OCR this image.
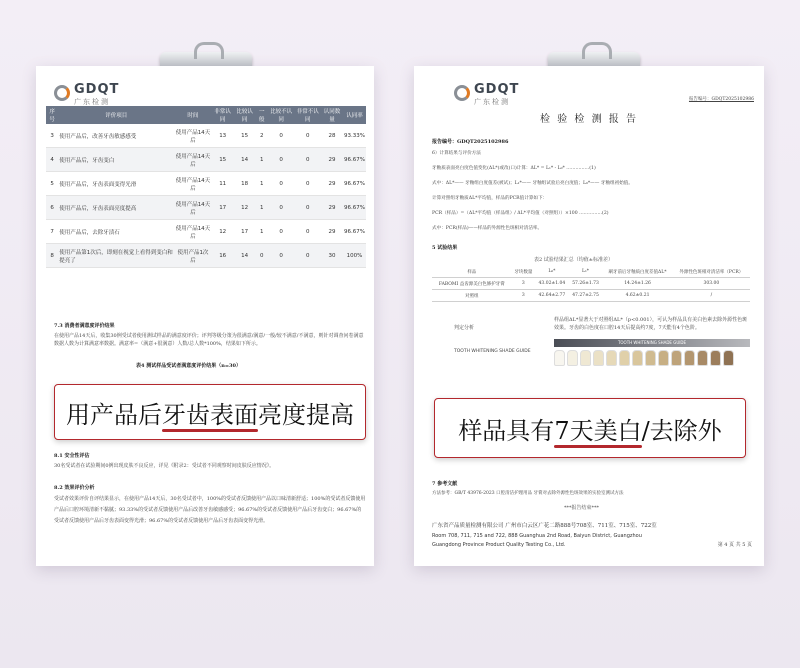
GDQT
广东检测
序号	评价项目	时间	非常认同	比较认同	一般	比较不认同	非常不认同	认同数量	认同率
3	使用产品后，改善牙齿敏感感受	使用产品14天后	13	15	2	0	0	28	93.33%
4	使用产品后，牙齿变白	使用产品14天后	15	14	1	0	0	29	96.67%
5	使用产品后，牙齿表面变得光滑	使用产品14天后	11	18	1	0	0	29	96.67%
6	使用产品后，牙齿表面亮度提高	使用产品14天后	17	12	1	0	0	29	96.67%
7	使用产品后，去除牙渍石	使用产品14天后	12	17	1	0	0	29	96.67%
8	使用产品第1次后，即刻在视觉上看得到变白和提亮了	使用产品1次后	16	14	0	0	0	30	100%
7.3 消费者满意度评价结果
在使用产品14天后，收集30例受试者使用测试样品的满意度评价；评判等级分策为很满意/满意/一般/较不满意/不满意，则针对调查问卷满意数据人数为计算满意率数据。满意率=（满意+很满意）人数/总人数*100%，结果如下所示。
表4 测试样品受试者满意度评价结果（n=30）
8.1 安全性评估
30名受试者在试验期间0例出现皮肤不良反应，详见《附录2：受试者不同观察时间皮肤反应情况》。
8.2 效果评价分析
受试者效果评价自评结果显示，在使用产品14天后，30名受试者中，100%的受试者反馈使用产品以口味清新舒适；100%的受试者反馈使用产品后口腔环境清新不黏腻；93.33%的受试者反馈使用产品后改善牙齿敏感感受；96.67%的受试者反馈使用产品后牙齿变白；96.67%的受试者反馈使用产品后牙齿表面变得光滑；96.67%的受试者反馈使用产品后牙齿表面变得光滑。
GDQT
广东检测	报告编号：GDQT2025102986
检 验 检 测 报 告
报告编号：GDQT2025102986
6）计算结果与评价方法
牙釉质表面亮白度色值变化(ΔL*)或改(口)计算：ΔL* = L₁* - L₀* ……………(1)
式中：ΔL*—— 牙釉组白度值差(被试)；L₁*—— 牙釉组试验后亮白度值；L₀*—— 牙釉组初始值。
计算对照组牙釉质ΔL*平均值，样品的PCR值计算如下：
PCR（样品）=（ΔL*平均值（样品组）/ ΔL*平均值（对照组））×100 ……………(2)
式中：PCR(样品)——样品的外源性色斑相对清洁率。
5 试验结果
表2 试验结果汇总（均值±标准差）
样品	牙块数量	L₀*	L₁*	刷牙前后牙釉质白度差值ΔL*	外源性色斑相对清洁率（PCR）
FABOMI 益齿源美白色修护牙膏	3	43.02±1.04	57.26±1.73	14.24±1.26	303.00
对照组	3	42.64±2.77	47.27±2.75	4.62±0.21	/
判定分析
样品组ΔL*显著大于对照组ΔL*（p<0.001），可认为样品具有美白色素去除外源性色斑效果。牙齿的白色度在口腔14天后提高约7度，7天能有4个色阶。
TOOTH WHITENING SHADE GUIDE
TOOTH WHITENING SHADE GUIDE
7 参考文献
方法参考：GB/T 43976-2023 口腔清洁护理用品 牙膏对去除外源性色斑效果的实验室测试方法
***报告结束***
广东省产品质量检测有限公司 广州市白云区广花二路888号708室、711室、715室、722室
Room 708, 711, 715 and 722, 888 Guanghua 2nd Road, Baiyun District, Guangzhou
Guangdong Province Product Quality Testing Co., Ltd.	第 4 页 共 5 页
用产品后 牙齿表面 亮度提高
样品具有 7天美白 /去除外
